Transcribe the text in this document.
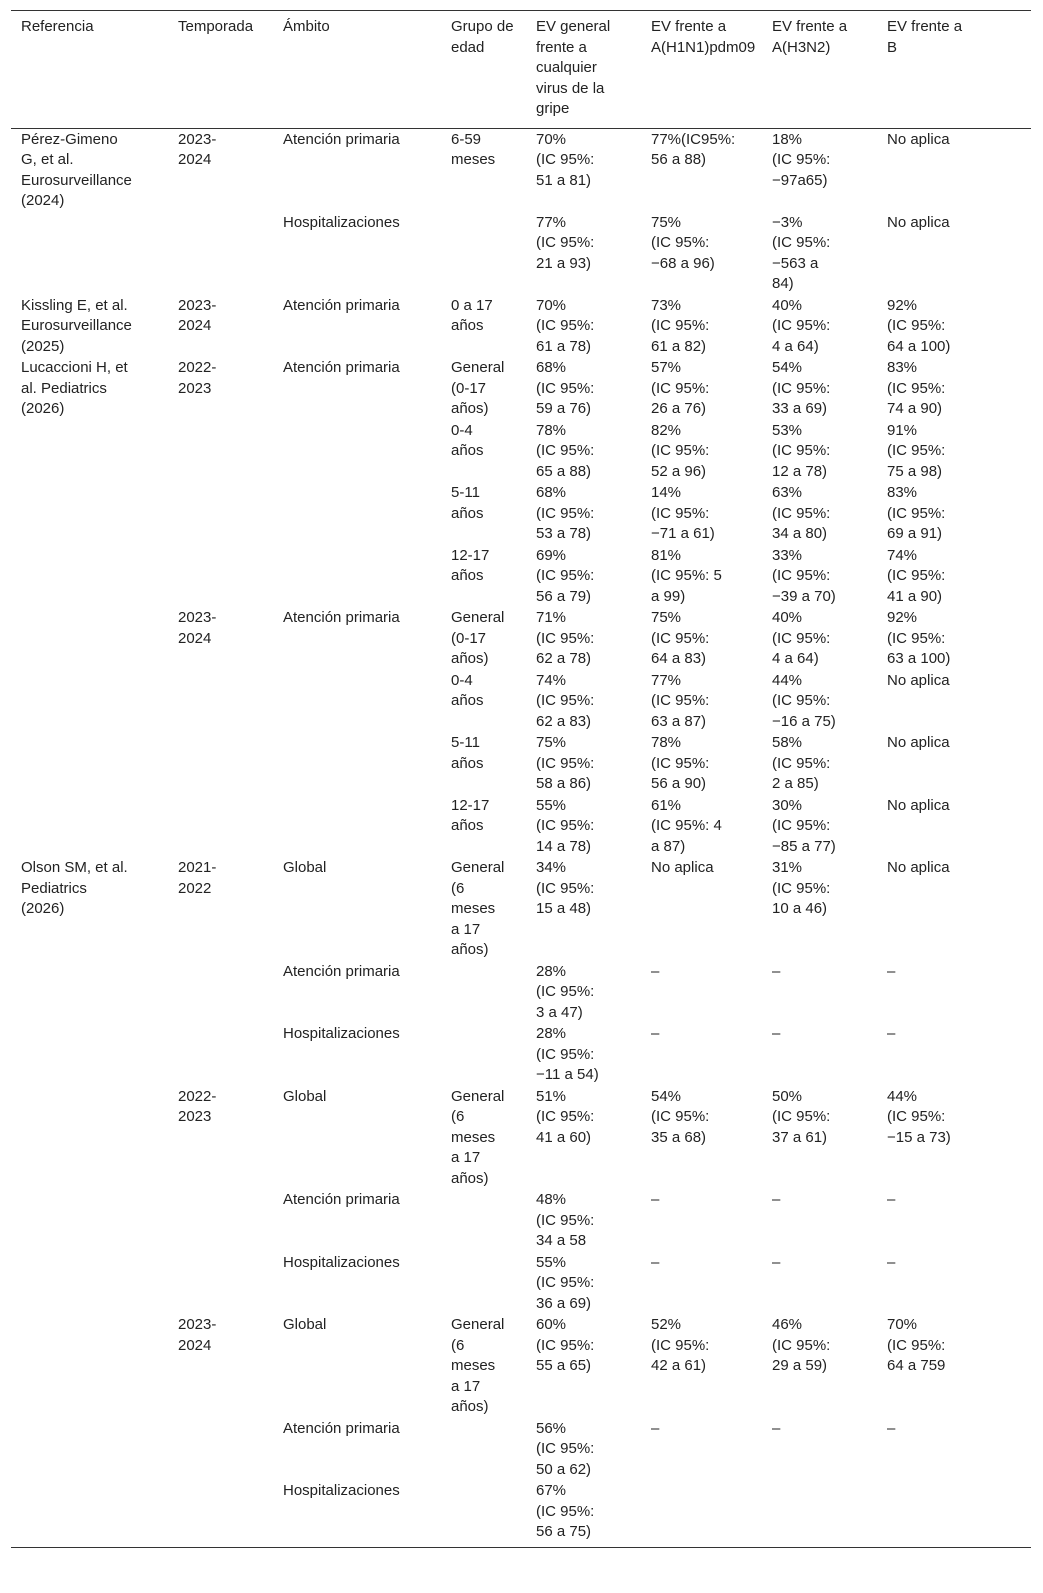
Referencia	Temporada	Ámbito	Grupo de
edad	EV general
frente a
cualquier
virus de la
gripe	EV frente a
A(H1N1)pdm09	EV frente a
A(H3N2)	EV frente a
B
Pérez-Gimeno
G, et al.
Eurosurveillance
(2024)	2023-
2024	Atención primaria	6-59
meses	70%
(IC 95%:
51 a 81)	77%(IC95%:
56 a 88)	18%
(IC 95%:
−97a65)	No aplica
		Hospitalizaciones		77%
(IC 95%:
21 a 93)	75%
(IC 95%:
−68 a 96)	−3%
(IC 95%:
−563 a
84)	No aplica
Kissling E, et al.
Eurosurveillance
(2025)	2023-
2024	Atención primaria	0 a 17
años	70%
(IC 95%:
61 a 78)	73%
(IC 95%:
61 a 82)	40%
(IC 95%:
4 a 64)	92%
(IC 95%:
64 a 100)
Lucaccioni H, et
al. Pediatrics
(2026)	2022-
2023	Atención primaria	General
(0-17
años)	68%
(IC 95%:
59 a 76)	57%
(IC 95%:
26 a 76)	54%
(IC 95%:
33 a 69)	83%
(IC 95%:
74 a 90)
			0-4
años	78%
(IC 95%:
65 a 88)	82%
(IC 95%:
52 a 96)	53%
(IC 95%:
12 a 78)	91%
(IC 95%:
75 a 98)
			5-11
años	68%
(IC 95%:
53 a 78)	14%
(IC 95%:
−71 a 61)	63%
(IC 95%:
34 a 80)	83%
(IC 95%:
69 a 91)
			12-17
años	69%
(IC 95%:
56 a 79)	81%
(IC 95%: 5
a 99)	33%
(IC 95%:
−39 a 70)	74%
(IC 95%:
41 a 90)
	2023-
2024	Atención primaria	General
(0-17
años)	71%
(IC 95%:
62 a 78)	75%
(IC 95%:
64 a 83)	40%
(IC 95%:
4 a 64)	92%
(IC 95%:
63 a 100)
			0-4
años	74%
(IC 95%:
62 a 83)	77%
(IC 95%:
63 a 87)	44%
(IC 95%:
−16 a 75)	No aplica
			5-11
años	75%
(IC 95%:
58 a 86)	78%
(IC 95%:
56 a 90)	58%
(IC 95%:
2 a 85)	No aplica
			12-17
años	55%
(IC 95%:
14 a 78)	61%
(IC 95%: 4
a 87)	30%
(IC 95%:
−85 a 77)	No aplica
Olson SM, et al.
Pediatrics
(2026)	2021-
2022	Global	General
(6
meses
a 17
años)	34%
(IC 95%:
15 a 48)	No aplica	31%
(IC 95%:
10 a 46)	No aplica
		Atención primaria		28%
(IC 95%:
3 a 47)	–	–	–
		Hospitalizaciones		28%
(IC 95%:
−11 a 54)	–	–	–
	2022-
2023	Global	General
(6
meses
a 17
años)	51%
(IC 95%:
41 a 60)	54%
(IC 95%:
35 a 68)	50%
(IC 95%:
37 a 61)	44%
(IC 95%:
−15 a 73)
		Atención primaria		48%
(IC 95%:
34 a 58	–	–	–
		Hospitalizaciones		55%
(IC 95%:
36 a 69)	–	–	–
	2023-
2024	Global	General
(6
meses
a 17
años)	60%
(IC 95%:
55 a 65)	52%
(IC 95%:
42 a 61)	46%
(IC 95%:
29 a 59)	70%
(IC 95%:
64 a 759
		Atención primaria		56%
(IC 95%:
50 a 62)	–	–	–
		Hospitalizaciones		67%
(IC 95%:
56 a 75)			
